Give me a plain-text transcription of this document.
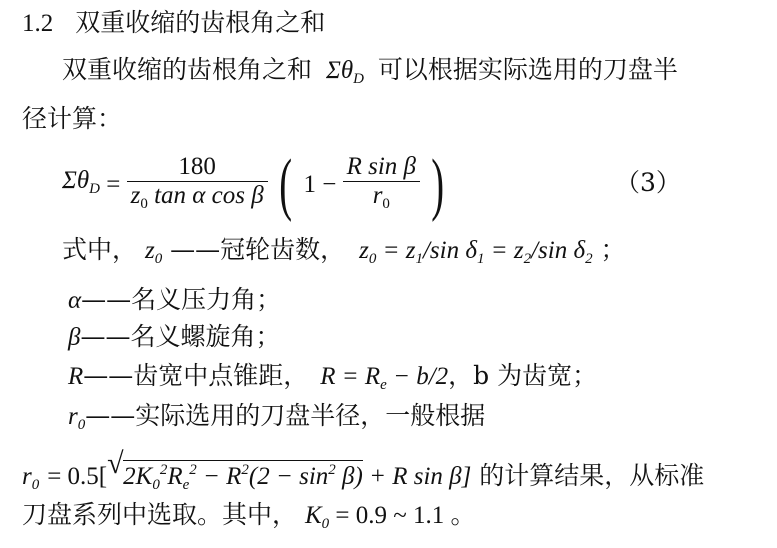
1.2 双重收缩的齿根角之和
双重收缩的齿根角之和 $\Sigma\theta_D$ 可以根据实际选用的刀盘半
径计算：
$\Sigma\theta_D = \frac{180}{z_0 \tan \alpha \cos \beta}$ ( $1 - \frac{\text{R sin β}}{r_0}$ )	（3）
式中， $z_0$ ——冠轮齿数， $z_0 = z_1/\sin$ $\delta_1 = z_2/\sin$ $\delta_2$ ；
α——名义压力角；
β——名义螺旋角；
R——齿宽中点锥距， $R = R_e - b/2$，b 为齿宽；
$r_0——$实际选用的刀盘半径，一般根据
$r_0 = 0.5$[ √ $2K_0^2R_e^2 - R^2(2 - \sin^2 \beta) + R$ sin β] 的计算结果，从标准
刀盘系列中选取。其中， $K_0 = 0.9$ ~ 1.1 。
